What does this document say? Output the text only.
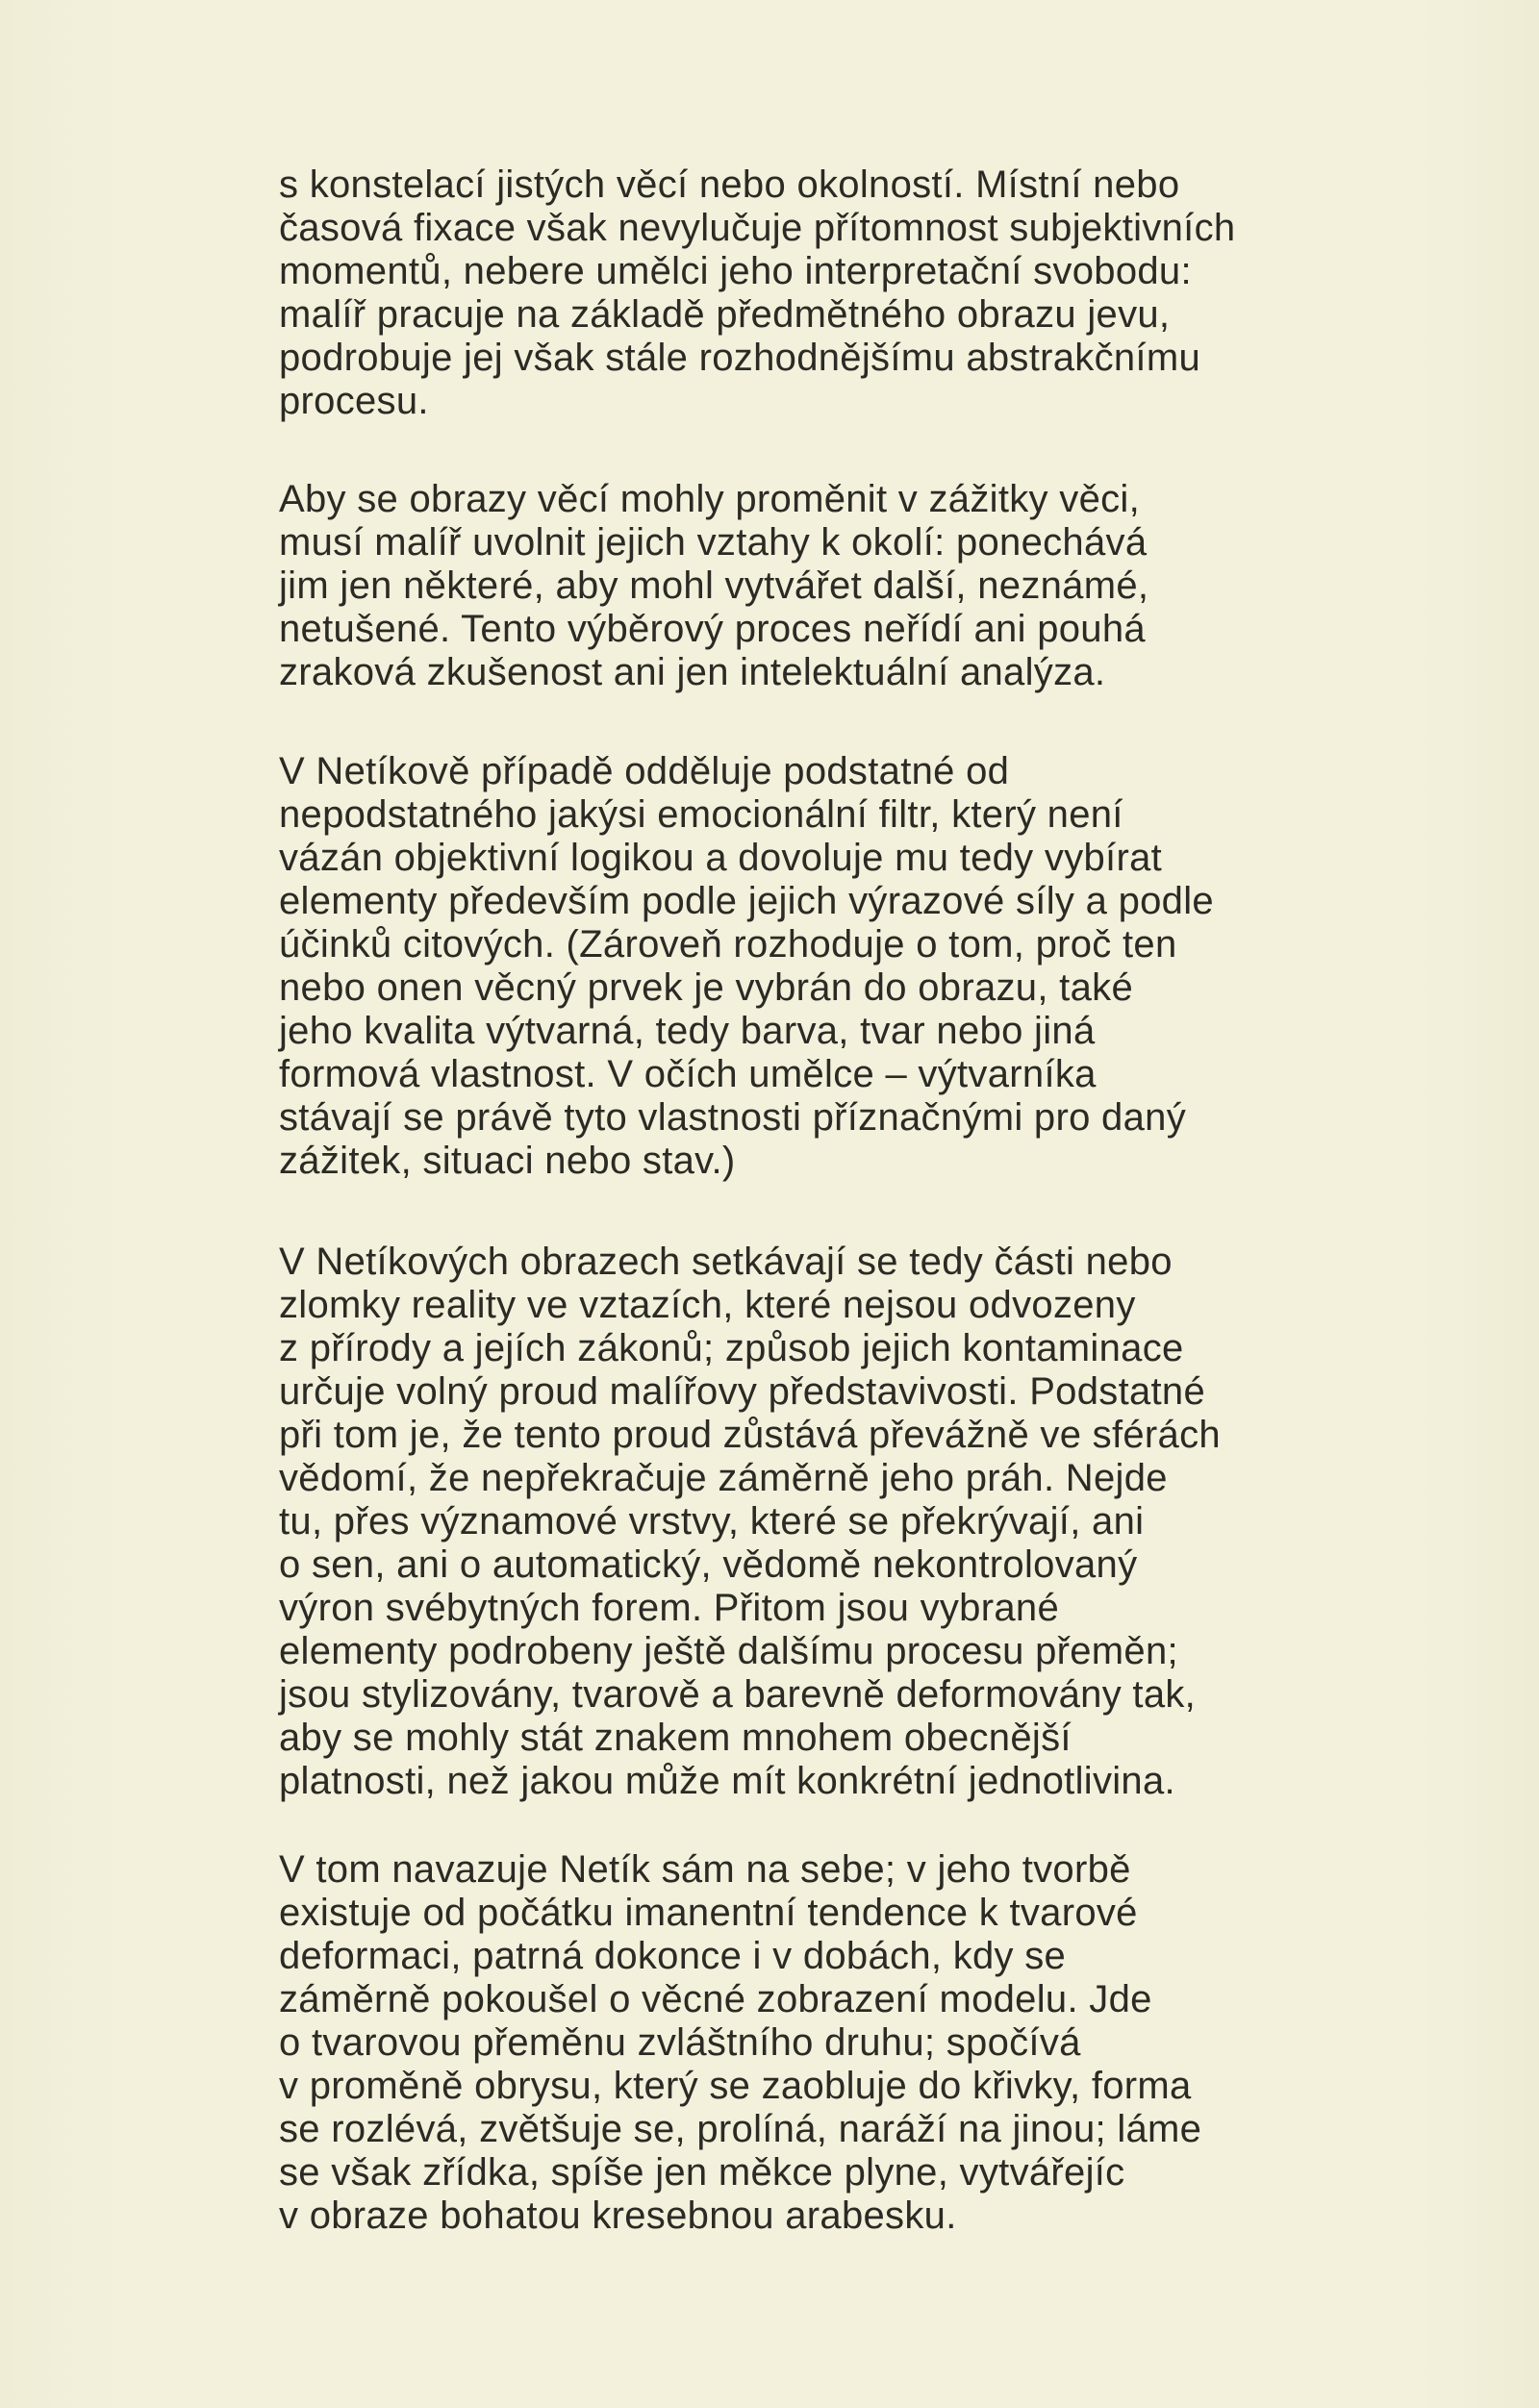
s konstelací jistých věcí nebo okolností. Místní nebo
časová fixace však nevylučuje přítomnost subjektivních
momentů, nebere umělci jeho interpretační svobodu:
malíř pracuje na základě předmětného obrazu jevu,
podrobuje jej však stále rozhodnějšímu abstrakčnímu
procesu.
Aby se obrazy věcí mohly proměnit v zážitky věci,
musí malíř uvolnit jejich vztahy k okolí: ponechává
jim jen některé, aby mohl vytvářet další, neznámé,
netušené. Tento výběrový proces neřídí ani pouhá
zraková zkušenost ani jen intelektuální analýza.
V Netíkově případě odděluje podstatné od
nepodstatného jakýsi emocionální filtr, který není
vázán objektivní logikou a dovoluje mu tedy vybírat
elementy především podle jejich výrazové síly a podle
účinků citových. (Zároveň rozhoduje o tom, proč ten
nebo onen věcný prvek je vybrán do obrazu, také
jeho kvalita výtvarná, tedy barva, tvar nebo jiná
formová vlastnost. V očích umělce – výtvarníka
stávají se právě tyto vlastnosti příznačnými pro daný
zážitek, situaci nebo stav.)
V Netíkových obrazech setkávají se tedy části nebo
zlomky reality ve vztazích, které nejsou odvozeny
z přírody a jejích zákonů; způsob jejich kontaminace
určuje volný proud malířovy představivosti. Podstatné
při tom je, že tento proud zůstává převážně ve sférách
vědomí, že nepřekračuje záměrně jeho práh. Nejde
tu, přes významové vrstvy, které se překrývají, ani
o sen, ani o automatický, vědomě nekontrolovaný
výron svébytných forem. Přitom jsou vybrané
elementy podrobeny ještě dalšímu procesu přeměn;
jsou stylizovány, tvarově a barevně deformovány tak,
aby se mohly stát znakem mnohem obecnější
platnosti, než jakou může mít konkrétní jednotlivina.
V tom navazuje Netík sám na sebe; v jeho tvorbě
existuje od počátku imanentní tendence k tvarové
deformaci, patrná dokonce i v dobách, kdy se
záměrně pokoušel o věcné zobrazení modelu. Jde
o tvarovou přeměnu zvláštního druhu; spočívá
v proměně obrysu, který se zaobluje do křivky, forma
se rozlévá, zvětšuje se, prolíná, naráží na jinou; láme
se však zřídka, spíše jen měkce plyne, vytvářejíc
v obraze bohatou kresebnou arabesku.
